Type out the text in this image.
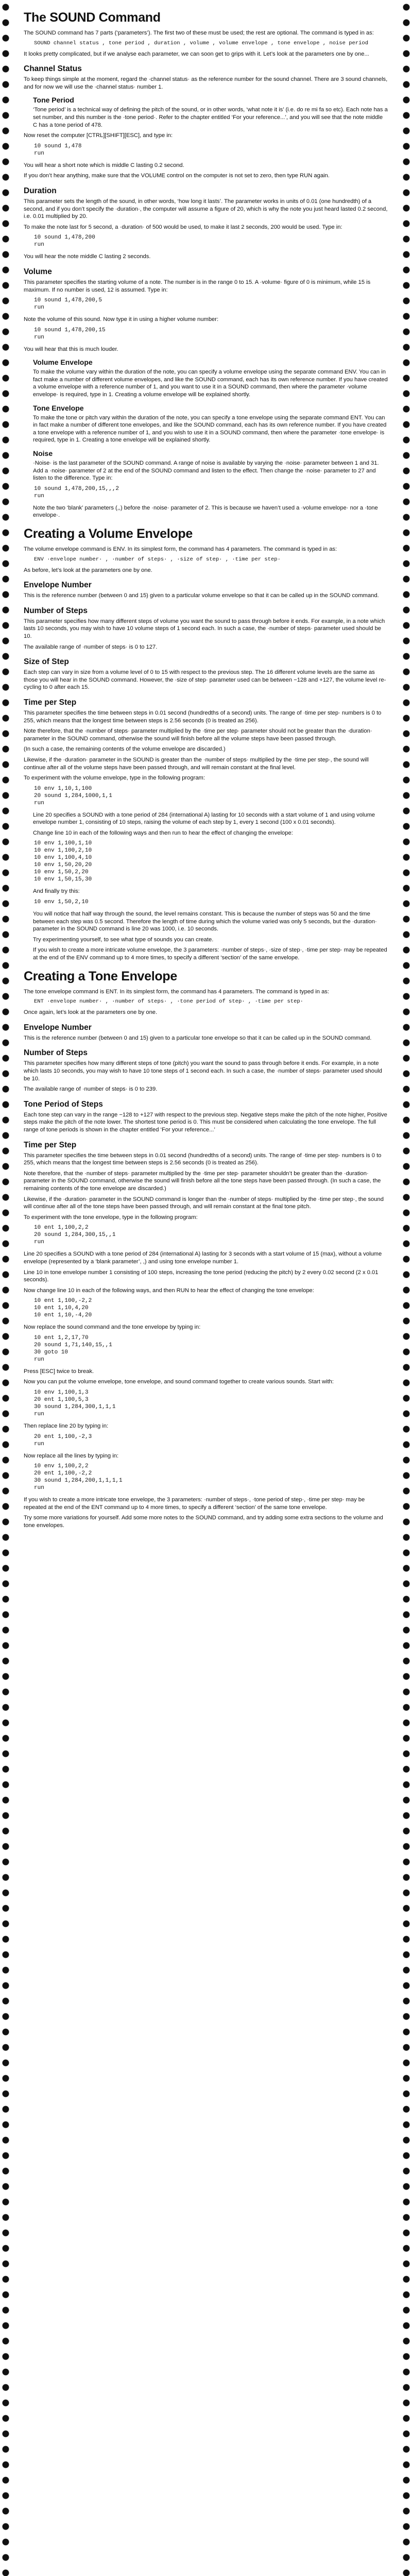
The SOUND Command

The SOUND command has 7 parts (‘parameters’). The first two of these must be used; the rest are optional. The command is typed in as:

SOUND channel status , tone period , duration , volume , volume envelope , tone envelope , noise period

It looks pretty complicated, but if we analyse each parameter, we can soon get to grips with it. Let’s look at the parameters one by one...

Channel Status

To keep things simple at the moment, regard the ·channel status· as the reference number for the sound channel. There are 3 sound channels, and for now we will use the ·channel status· number 1.

Tone Period

‘Tone period’ is a technical way of defining the pitch of the sound, or in other words, ‘what note it is’ (i.e. do re mi fa so etc). Each note has a set number, and this number is the ·tone period·. Refer to the chapter entitled ‘For your reference...’, and you will see that the note middle C has a tone period of 478.

Now reset the computer [CTRL][SHIFT][ESC], and type in:

10 sound 1,478
run

You will hear a short note which is middle C lasting 0.2 second.

If you don’t hear anything, make sure that the VOLUME control on the computer is not set to zero, then type RUN again.

Duration

This parameter sets the length of the sound, in other words, ‘how long it lasts’. The parameter works in units of 0.01 (one hundredth) of a second, and if you don’t specify the ·duration·, the computer will assume a figure of 20, which is why the note you just heard lasted 0.2 second, i.e. 0.01 multiplied by 20.

To make the note last for 5 second, a ·duration· of 500 would be used, to make it last 2 seconds, 200 would be used. Type in:

10 sound 1,478,200
run

You will hear the note middle C lasting 2 seconds.

Volume

This parameter specifies the starting volume of a note. The number is in the range 0 to 15. A ·volume· figure of 0 is minimum, while 15 is maximum. If no number is used, 12 is assumed. Type in:

10 sound 1,478,200,5
run

Note the volume of this sound. Now type it in using a higher volume number:

10 sound 1,478,200,15
run

You will hear that this is much louder.

Volume Envelope

To make the volume vary within the duration of the note, you can specify a volume envelope using the separate command ENV. You can in fact make a number of different volume envelopes, and like the SOUND command, each has its own reference number. If you have created a volume envelope with a reference number of 1, and you want to use it in a SOUND command, then where the parameter ·volume envelope· is required, type in 1. Creating a volume envelope will be explained shortly.

Tone Envelope

To make the tone or pitch vary within the duration of the note, you can specify a tone envelope using the separate command ENT. You can in fact make a number of different tone envelopes, and like the SOUND command, each has its own reference number. If you have created a tone envelope with a reference number of 1, and you wish to use it in a SOUND command, then where the parameter ·tone envelope· is required, type in 1. Creating a tone envelope will be explained shortly.

Noise

·Noise· is the last parameter of the SOUND command. A range of noise is available by varying the ·noise· parameter between 1 and 31. Add a ·noise· parameter of 2 at the end of the SOUND command and listen to the effect. Then change the ·noise· parameter to 27 and listen to the difference. Type in:

10 sound 1,478,200,15,,,2
run

Note the two ‘blank’ parameters (,,) before the ·noise· parameter of 2. This is because we haven’t used a ·volume envelope· nor a ·tone envelope·.

Creating a Volume Envelope

The volume envelope command is ENV. In its simplest form, the command has 4 parameters. The command is typed in as:

ENV ·envelope number· , ·number of steps· , ·size of step· , ·time per step·

As before, let’s look at the parameters one by one.

Envelope Number

This is the reference number (between 0 and 15) given to a particular volume envelope so that it can be called up in the SOUND command.

Number of Steps

This parameter specifies how many different steps of volume you want the sound to pass through before it ends. For example, in a note which lasts 10 seconds, you may wish to have 10 volume steps of 1 second each. In such a case, the ·number of steps· parameter used should be 10.

The available range of ·number of steps· is 0 to 127.

Size of Step

Each step can vary in size from a volume level of 0 to 15 with respect to the previous step. The 16 different volume levels are the same as those you will hear in the SOUND command. However, the ·size of step· parameter used can be between −128 and +127, the volume level re-cycling to 0 after each 15.

Time per Step

This parameter specifies the time between steps in 0.01 second (hundredths of a second) units. The range of ·time per step· numbers is 0 to 255, which means that the longest time between steps is 2.56 seconds (0 is treated as 256).

Note therefore, that the ·number of steps· parameter multiplied by the ·time per step· parameter should not be greater than the ·duration· parameter in the SOUND command, otherwise the sound will finish before all the volume steps have been passed through.

(In such a case, the remaining contents of the volume envelope are discarded.)

Likewise, if the ·duration· parameter in the SOUND is greater than the ·number of steps· multiplied by the ·time per step·, the sound will continue after all of the volume steps have been passed through, and will remain constant at the final level.

To experiment with the volume envelope, type in the following program:

10 env 1,10,1,100
20 sound 1,284,1000,1,1
run

Line 20 specifies a SOUND with a tone period of 284 (international A) lasting for 10 seconds with a start volume of 1 and using volume envelope number 1, consisting of 10 steps, raising the volume of each step by 1, every 1 second (100 x 0.01 seconds).

Change line 10 in each of the following ways and then run to hear the effect of changing the envelope:

10 env 1,100,1,10
10 env 1,100,2,10
10 env 1,100,4,10
10 env 1,50,20,20
10 env 1,50,2,20
10 env 1,50,15,30

And finally try this:

10 env 1,50,2,10

You will notice that half way through the sound, the level remains constant. This is because the number of steps was 50 and the time between each step was 0.5 second. Therefore the length of time during which the volume varied was only 5 seconds, but the ·duration· parameter in the SOUND command is line 20 was 1000, i.e. 10 seconds.

Try experimenting yourself, to see what type of sounds you can create.

If you wish to create a more intricate volume envelope, the 3 parameters: ·number of steps·, ·size of step·, ·time per step· may be repeated at the end of the ENV command up to 4 more times, to specify a different ‘section’ of the same envelope.

Creating a Tone Envelope

The tone envelope command is ENT. In its simplest form, the command has 4 parameters. The command is typed in as:

ENT ·envelope number· , ·number of steps· , ·tone period of step· , ·time per step·

Once again, let’s look at the parameters one by one.

Envelope Number

This is the reference number (between 0 and 15) given to a particular tone envelope so that it can be called up in the SOUND command.

Number of Steps

This parameter specifies how many different steps of tone (pitch) you want the sound to pass through before it ends. For example, in a note which lasts 10 seconds, you may wish to have 10 tone steps of 1 second each. In such a case, the ·number of steps· parameter used should be 10.

The available range of ·number of steps· is 0 to 239.

Tone Period of Steps

Each tone step can vary in the range −128 to +127 with respect to the previous step. Negative steps make the pitch of the note higher, Positive steps make the pitch of the note lower. The shortest tone period is 0. This must be considered when calculating the tone envelope. The full range of tone periods is shown in the chapter entitled ‘For your reference...’

Time per Step

This parameter specifies the time between steps in 0.01 second (hundredths of a second) units. The range of ·time per step· numbers is 0 to 255, which means that the longest time between steps is 2.56 seconds (0 is treated as 256).

Note therefore, that the ·number of steps· parameter multiplied by the ·time per step· parameter shouldn’t be greater than the ·duration· parameter in the SOUND command, otherwise the sound will finish before all the tone steps have been passed through. (In such a case, the remaining contents of the tone envelope are discarded.)

Likewise, if the ·duration· parameter in the SOUND command is longer than the ·number of steps· multiplied by the ·time per step·, the sound will continue after all of the tone steps have been passed through, and will remain constant at the final tone pitch.

To experiment with the tone envelope, type in the following program:

10 ent 1,100,2,2
20 sound 1,284,300,15,,1
run

Line 20 specifies a SOUND with a tone period of 284 (international A) lasting for 3 seconds with a start volume of 15 (max), without a volume envelope (represented by a ‘blank parameter’, ,) and using tone envelope number 1.

Line 10 in tone envelope number 1 consisting of 100 steps, increasing the tone period (reducing the pitch) by 2 every 0.02 second (2 x 0.01 seconds).

Now change line 10 in each of the following ways, and then RUN to hear the effect of changing the tone envelope:

10 ent 1,100,-2,2
10 ent 1,10,4,20
10 ent 1,10,-4,20

Now replace the sound command and the tone envelope by typing in:

10 ent 1,2,17,70
20 sound 1,71,140,15,,1
30 goto 10
run

Press [ESC] twice to break.

Now you can put the volume envelope, tone envelope, and sound command together to create various sounds. Start with:

10 env 1,100,1,3
20 ent 1,100,5,3
30 sound 1,284,300,1,1,1
run

Then replace line 20 by typing in:

20 ent 1,100,-2,3
run

Now replace all the lines by typing in:

10 env 1,100,2,2
20 ent 1,100,-2,2
30 sound 1,284,200,1,1,1,1
run

If you wish to create a more intricate tone envelope, the 3 parameters: ·number of steps·, ·tone period of step·, ·time per step· may be repeated at the end of the ENT command up to 4 more times, to specify a different ‘section’ of the same tone envelope.

Try some more variations for yourself. Add some more notes to the SOUND command, and try adding some extra sections to the volume and tone envelopes.
